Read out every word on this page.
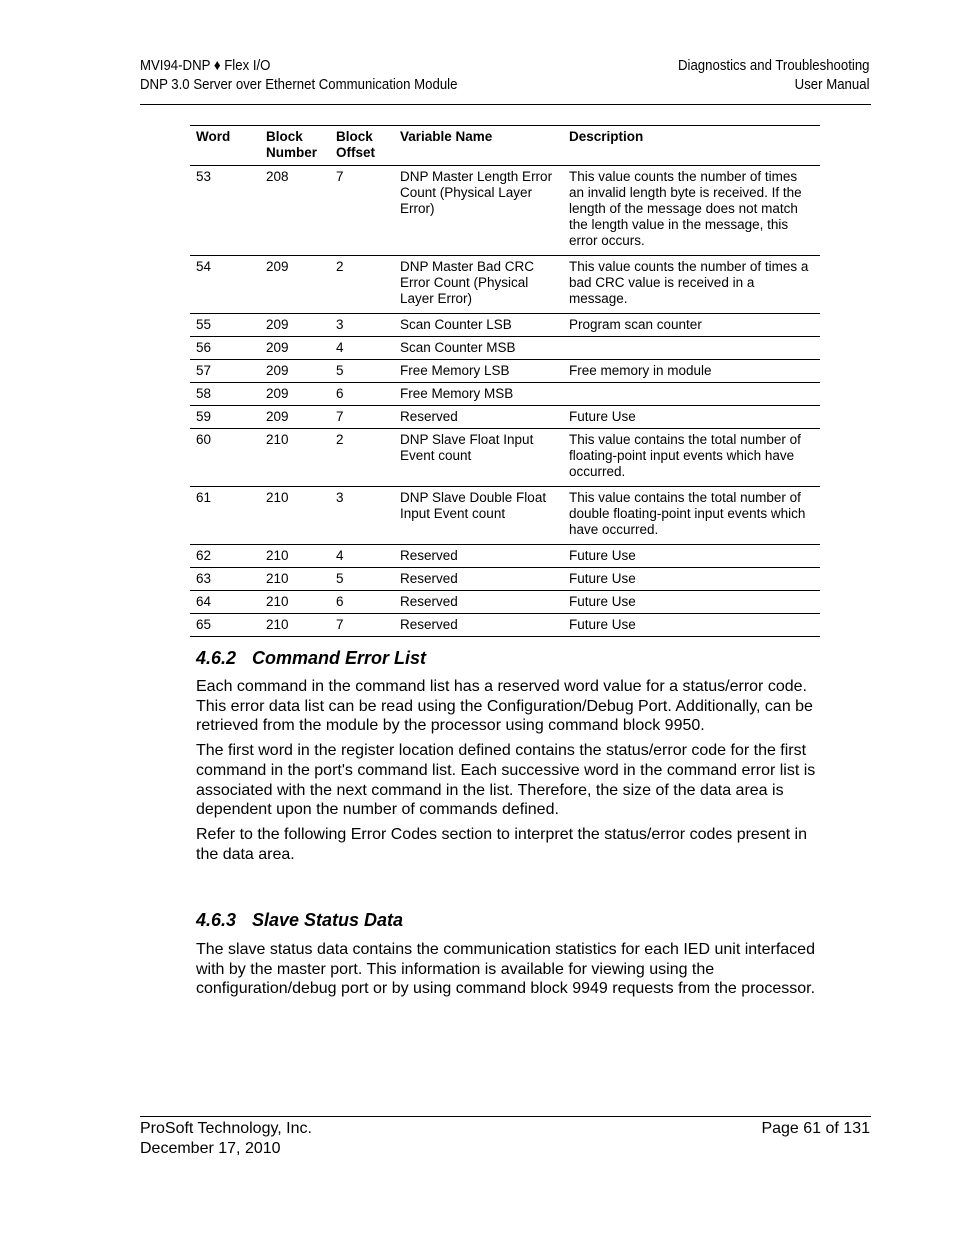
MVI94-DNP ♦ Flex I/O
DNP 3.0 Server over Ethernet Communication Module
Diagnostics and Troubleshooting
User Manual
Word	Block Number	Block Offset	Variable Name	Description
53	208	7	DNP Master Length Error Count (Physical Layer Error)	This value counts the number of times an invalid length byte is received. If the length of the message does not match the length value in the message, this error occurs.
54	209	2	DNP Master Bad CRC Error Count (Physical Layer Error)	This value counts the number of times a bad CRC value is received in a message.
55	209	3	Scan Counter LSB	Program scan counter
56	209	4	Scan Counter MSB	
57	209	5	Free Memory LSB	Free memory in module
58	209	6	Free Memory MSB	
59	209	7	Reserved	Future Use
60	210	2	DNP Slave Float Input Event count	This value contains the total number of floating-point input events which have occurred.
61	210	3	DNP Slave Double Float Input Event count	This value contains the total number of double floating-point input events which have occurred.
62	210	4	Reserved	Future Use
63	210	5	Reserved	Future Use
64	210	6	Reserved	Future Use
65	210	7	Reserved	Future Use
4.6.2 Command Error List

Each command in the command list has a reserved word value for a status/error code. This error data list can be read using the Configuration/Debug Port. Additionally, can be retrieved from the module by the processor using command block 9950.

The first word in the register location defined contains the status/error code for the first command in the port's command list. Each successive word in the command error list is associated with the next command in the list. Therefore, the size of the data area is dependent upon the number of commands defined.

Refer to the following Error Codes section to interpret the status/error codes present in the data area.

4.6.3 Slave Status Data

The slave status data contains the communication statistics for each IED unit interfaced with by the master port. This information is available for viewing using the configuration/debug port or by using command block 9949 requests from the processor.

ProSoft Technology, Inc.
December 17, 2010
Page 61 of 131
